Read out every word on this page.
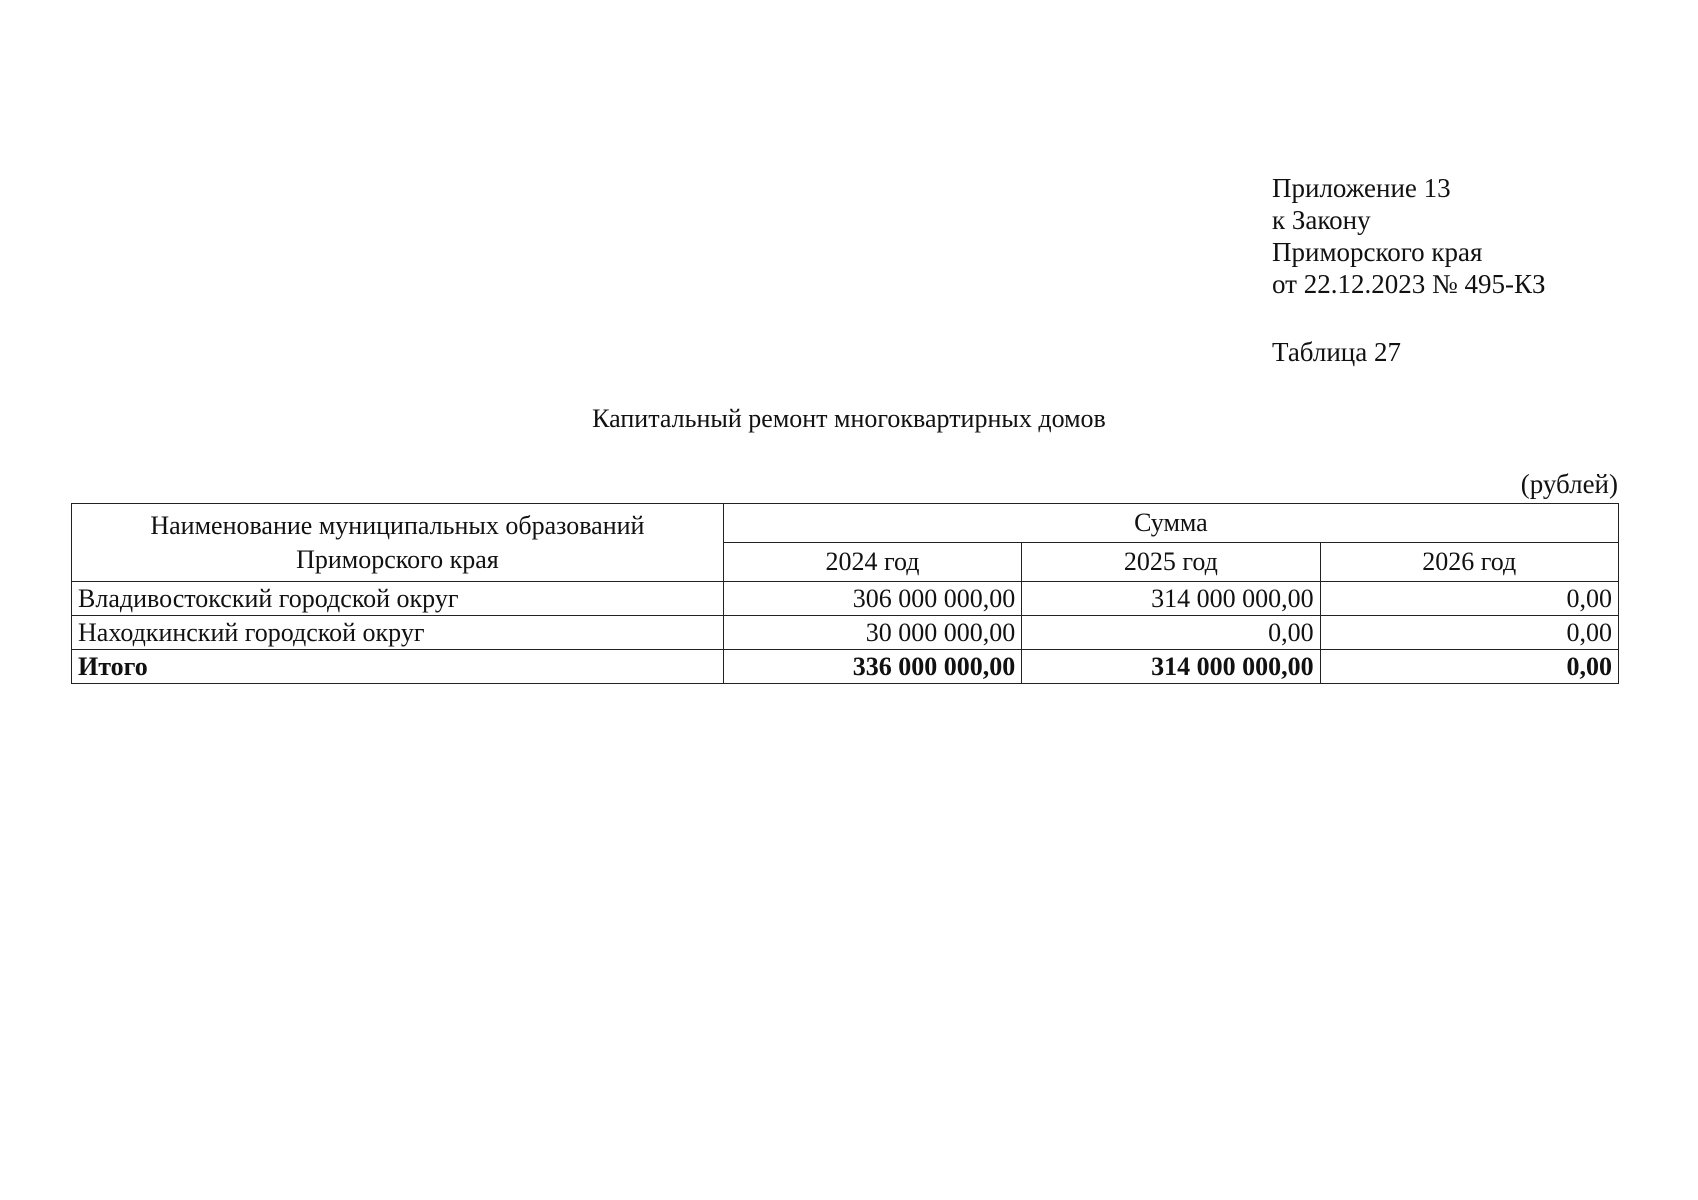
Приложение 13
к Закону
Приморского края
от 22.12.2023 № 495-КЗ
Таблица 27
Капитальный ремонт многоквартирных домов
(рублей)
Наименование муниципальных образований
Приморского края	Сумма		
	2024 год	2025 год	2026 год
Владивостокский городской округ	306 000 000,00	314 000 000,00	0,00
Находкинский городской округ	30 000 000,00	0,00	0,00
Итого	336 000 000,00	314 000 000,00	0,00
